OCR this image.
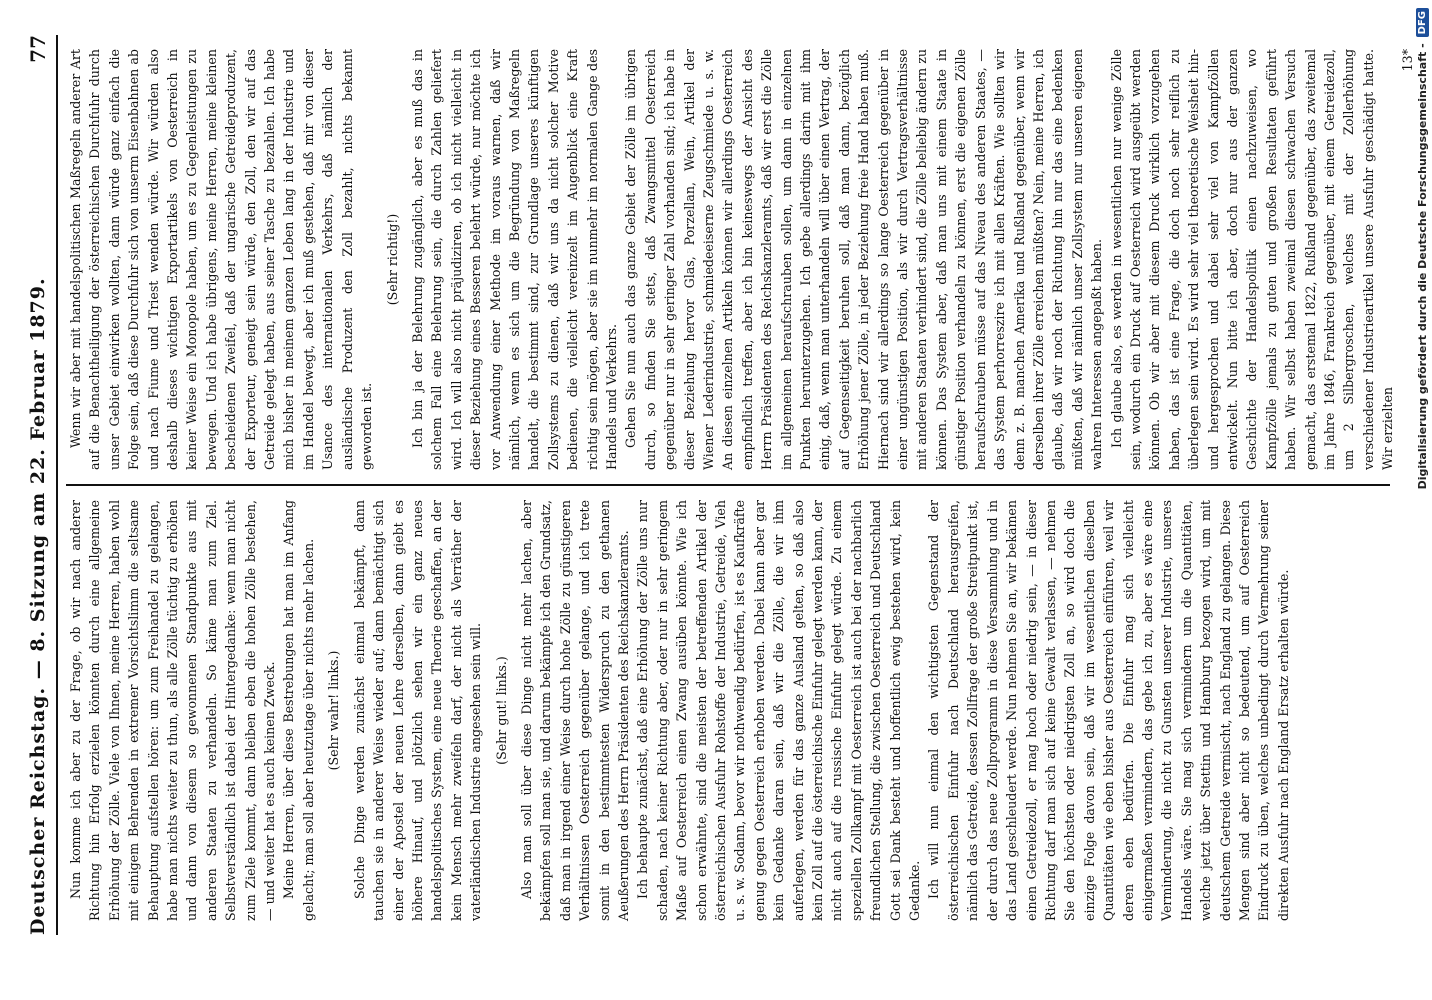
Deutscher Reichstag. — 8. Sitzung am 22. Februar 1879.
77

Nun komme ich aber zu der Frage, ob wir nach anderer Richtung hin Erfolg erzielen könnten durch eine allgemeine Erhöhung der Zölle. Viele von Ihnen, meine Herren, haben wohl mit einigem Behrenden in extremer Vorsichtslimm die seltsame Behauptung aufstellen hören: um zum Freihandel zu gelangen, habe man nichts weiter zu thun, als alle Zölle tüchtig zu erhöhen und dann von diesem so gewonnenen Standpunkte aus mit anderen Staaten zu verhandeln. So käme man zum Ziel. Selbstverständlich ist dabei der Hintergedanke: wenn man nicht zum Ziele kommt, dann bleiben eben die hohen Zölle bestehen, — und weiter hat es auch keinen Zweck. Meine Herren, über diese Bestrebungen hat man im Anfang gelacht; man soll aber heutzutage über nichts mehr lachen. (Sehr wahr! links.) Solche Dinge werden zunächst einmal bekämpft, dann tauchen sie in anderer Weise wieder auf; dann bemächtigt sich einer der Apostel der neuen Lehre derselben, dann giebt es höhere Hinauf, und plötzlich sehen wir ein ganz neues handelspolitisches System, eine neue Theorie geschaffen, an der kein Mensch mehr zweifeln darf, der nicht als Verräther der vaterländischen Industrie angesehen sein will. (Sehr gut! links.) Also man soll über diese Dinge nicht mehr lachen, aber bekämpfen soll man sie, und darum bekämpfe ich den Grundsatz, daß man in irgend einer Weise durch hohe Zölle zu günstigeren Verhältnissen Oesterreich gegenüber gelange, und ich trete somit in den bestimmtesten Widerspruch zu den gethanen Aeußerungen des Herrn Präsidenten des Reichskanzleramts. Ich behaupte zunächst, daß eine Erhöhung der Zölle uns nur schaden, nach keiner Richtung aber, oder nur in sehr geringem Maße auf Oesterreich einen Zwang ausüben könnte. Wie ich schon erwähnte, sind die meisten der betreffenden Artikel der österreichischen Ausfuhr Rohstoffe der Industrie, Getreide, Vieh u. s. w. Sodann, bevor wir nothwendig bedürfen, ist es Kaufkräfte genug gegen Oesterreich erhoben werden. Dabei kann aber gar kein Gedanke daran sein, daß wir die Zölle, die wir ihm auferlegen, werden für das ganze Ausland gelten, so daß also kein Zoll auf die österreichische Einfuhr gelegt werden kann, der nicht auch auf die russische Einfuhr gelegt würde. Zu einem speziellen Zollkampf mit Oesterreich ist auch bei der nachbarlich freundlichen Stellung, die zwischen Oesterreich und Deutschland Gott sei Dank besteht und hoffentlich ewig bestehen wird, kein Gedanke. Ich will nun einmal den wichtigsten Gegenstand der österreichischen Einfuhr nach Deutschland herausgreifen, nämlich das Getreide, dessen Zollfrage der große Streitpunkt ist, der durch das neue Zollprogramm in diese Versammlung und in das Land geschleudert werde. Nun nehmen Sie an, wir bekämen einen Getreidezoll, er mag hoch oder niedrig sein, — in dieser Richtung darf man sich auf keine Gewalt verlassen, — nehmen Sie den höchsten oder niedrigsten Zoll an, so wird doch die einzige Folge davon sein, daß wir im wesentlichen dieselben Quantitäten wie eben bisher aus Oesterreich einführen, weil wir deren eben bedürfen. Die Einfuhr mag sich vielleicht einigermaßen vermindern, das gebe ich zu, aber es wäre eine Verminderung, die nicht zu Gunsten unserer Industrie, unseres Handels wäre. Sie mag sich vermindern um die Quantitäten, welche jetzt über Stettin und Hamburg bezogen wird, um mit deutschem Getreide vermischt, nach England zu gelangen. Diese Mengen sind aber nicht so bedeutend, um auf Oesterreich Eindruck zu üben, welches unbedingt durch Vermehrung seiner direkten Ausfuhr nach England Ersatz erhalten würde.

Wenn wir aber mit handelspolitischen Maßregeln anderer Art auf die Benachtheiligung der österreichischen Durchfuhr durch unser Gebiet einwirken wollten, dann würde ganz einfach die Folge sein, daß diese Durchfuhr sich von unserm Eisenbahnen ab und nach Fiume und Triest wenden würde. Wir würden also deshalb dieses wichtigen Exportartikels von Oesterreich in keiner Weise ein Monopole haben, um es zu Gegenleistungen zu bewegen. Und ich habe übrigens, meine Herren, meine kleinen bescheidenen Zweifel, daß der ungarische Getreideproduzent, der Exporteur, geneigt sein würde, den Zoll, den wir auf das Getreide gelegt haben, aus seiner Tasche zu bezahlen. Ich habe mich bisher in meinem ganzen Leben lang in der Industrie und im Handel bewegt, aber ich muß gestehen, daß mir von dieser Usance des internationalen Verkehrs, daß nämlich der ausländische Produzent den Zoll bezahlt, nichts bekannt geworden ist.

(Sehr richtig!) Ich bin ja der Belehrung zugänglich, aber es muß das in solchem Fall eine Belehrung sein, die durch Zahlen geliefert wird. Ich will also nicht präjudiziren, ob ich nicht vielleicht in dieser Beziehung eines Besseren belehrt würde, nur möchte ich vor Anwendung einer Methode im voraus warnen, daß wir nämlich, wenn es sich um die Begründung von Maßregeln handelt, die bestimmt sind, zur Grundlage unseres künftigen Zollsystems zu dienen, daß wir uns da nicht solcher Motive bedienen, die vielleicht vereinzelt im Augenblick eine Kraft richtig sein mögen, aber sie im nunmehr im normalen Gange des Handels und Verkehrs. Gehen Sie nun auch das ganze Gebiet der Zölle im übrigen durch, so finden Sie stets, daß Zwangsmittel Oesterreich gegenüber nur in sehr geringer Zahl vorhanden sind; ich habe in dieser Beziehung hervor Glas, Porzellan, Wein, Artikel der Wiener Lederindustrie, schmiedeeiserne Zeugschmiede u. s. w. An diesen einzelnen Artikeln können wir allerdings Oesterreich empfindlich treffen, aber ich bin keineswegs der Ansicht des Herrn Präsidenten des Reichskanzleramts, daß wir erst die Zölle im allgemeinen heraufschrauben sollen, um dann in einzelnen Punkten herunterzugehen. Ich gebe allerdings darin mit ihm einig, daß, wenn man unterhandeln will über einen Vertrag, der auf Gegenseitigkeit beruhen soll, daß man dann, bezüglich Erhöhung jener Zölle, in jeder Beziehung freie Hand haben muß. Hiernach sind wir allerdings so lange Oesterreich gegenüber in einer ungünstigen Position, als wir durch Vertragsverhältnisse mit anderen Staaten verhindert sind, die Zölle beliebig ändern zu können. Das System aber, daß man uns mit einem Staate in günstiger Position verhandeln zu können, erst die eigenen Zölle heraufschrauben müsse auf das Niveau des anderen Staates, — das System perhorreszire ich mit allen Kräften. Wie sollten wir denn z. B. manchen Amerika und Rußland gegenüber, wenn wir derselben ihrer Zölle erreichen müßten? Nein, meine Herren, ich glaube, daß wir noch der Richtung hin nur das eine bedenken müßten, daß wir nämlich unser Zollsystem nur unseren eigenen wahren Interessen angepaßt haben. Ich glaube also, es werden in wesentlichen nur wenige Zölle sein, wodurch ein Druck auf Oesterreich wird ausgeübt werden können. Ob wir aber mit diesem Druck wirklich vorzugehen haben, das ist eine Frage, die doch noch sehr reiflich zu überlegen sein wird. Es wird sehr viel theoretische Weisheit hin- und hergesprochen und dabei sehr viel von Kampfzöllen entwickelt. Nun bitte ich aber, doch nur aus der ganzen Geschichte der Handelspolitik einen nachzuweisen, wo Kampfzölle jemals zu guten und großen Resultaten geführt haben. Wir selbst haben zweimal diesen schwachen Versuch gemacht, das erstemal 1822, Rußland gegenüber, das zweitemal im Jahre 1846, Frankreich gegenüber, mit einem Getreidezoll, um 2 Silbergroschen, welches mit der Zollerhöhung verschiedener Industrieartikel unsere Ausfuhr geschädigt hatte. Wir erzielten

13* Digitalisierung gefördert durch die Deutsche Forschungsgemeinschaft -
DFG
